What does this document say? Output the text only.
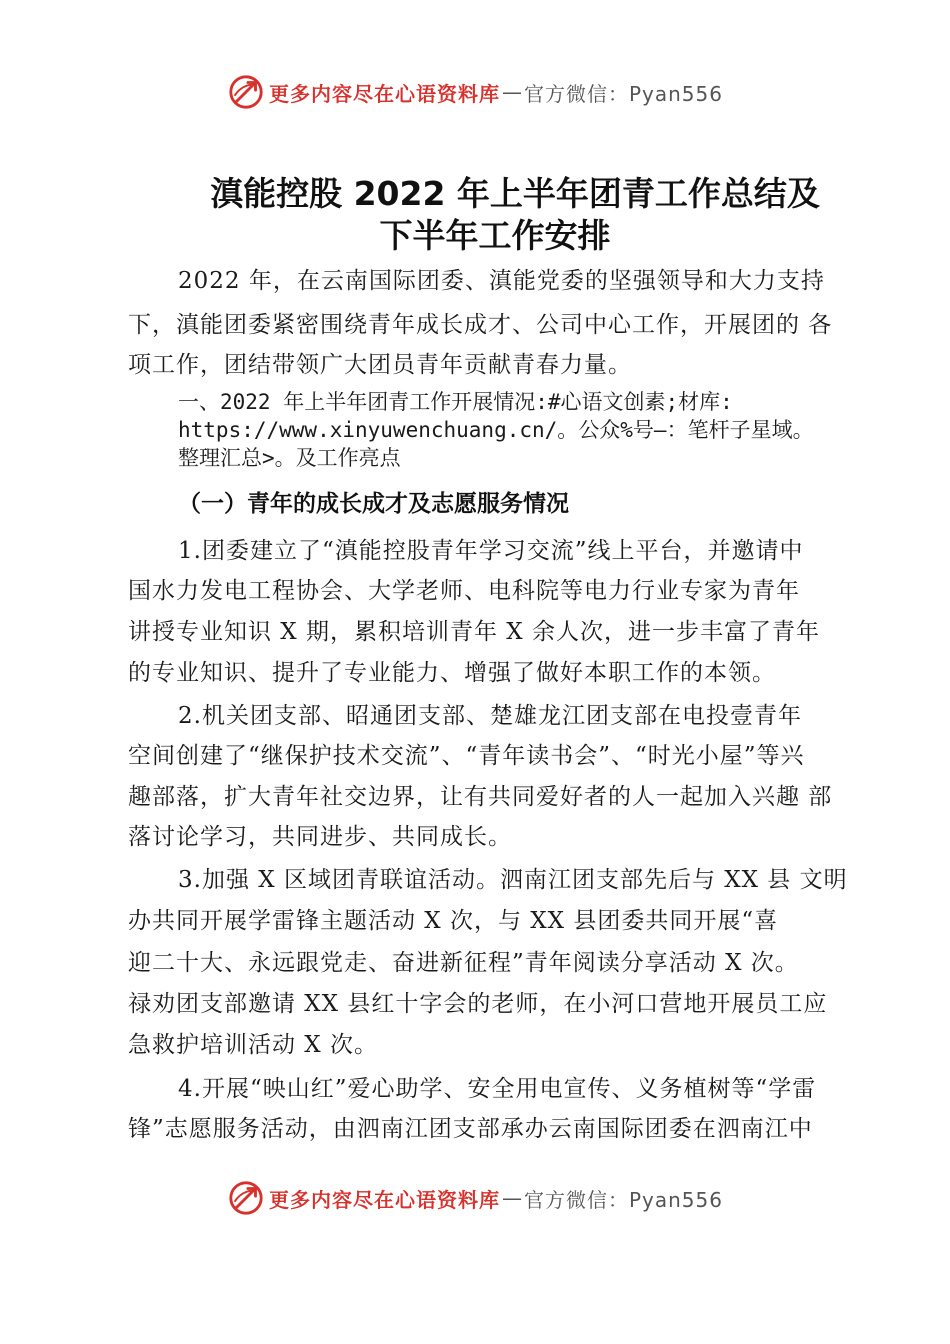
更多内容尽在心语资料库 — 官方微信：Pyan556
滇能控股 2022 年上半年团青工作总结及
下半年工作安排
2022 年，在云南国际团委、滇能党委的坚强领导和大力支持
下，滇能团委紧密围绕青年成长成才、公司中心工作，开展团的 各
项工作，团结带领广大团员青年贡献青春力量。
一、2022 年上半年团青工作开展情况:#心语文创素;材库:
https://www.xinyuwenchuang.cn/。公众%号—：笔杆子星域。
整理汇总>。及工作亮点
（一）青年的成长成才及志愿服务情况
1.团委建立了“滇能控股青年学习交流”线上平台，并邀请中
国水力发电工程协会、大学老师、电科院等电力行业专家为青年
讲授专业知识 X 期，累积培训青年 X 余人次，进一步丰富了青年
的专业知识、提升了专业能力、增强了做好本职工作的本领。
2.机关团支部、昭通团支部、楚雄龙江团支部在电投壹青年
空间创建了“继保护技术交流”、“青年读书会”、“时光小屋”等兴
趣部落，扩大青年社交边界，让有共同爱好者的人一起加入兴趣 部
落讨论学习，共同进步、共同成长。
3.加强 X 区域团青联谊活动。泗南江团支部先后与 XX 县 文明
办共同开展学雷锋主题活动 X 次，与 XX 县团委共同开展“喜
迎二十大、永远跟党走、奋进新征程”青年阅读分享活动 X 次。
禄劝团支部邀请 XX 县红十字会的老师，在小河口营地开展员工应
急救护培训活动 X 次。
4.开展“映山红”爱心助学、安全用电宣传、义务植树等“学雷
锋”志愿服务活动，由泗南江团支部承办云南国际团委在泗南江中
更多内容尽在心语资料库 — 官方微信：Pyan556
